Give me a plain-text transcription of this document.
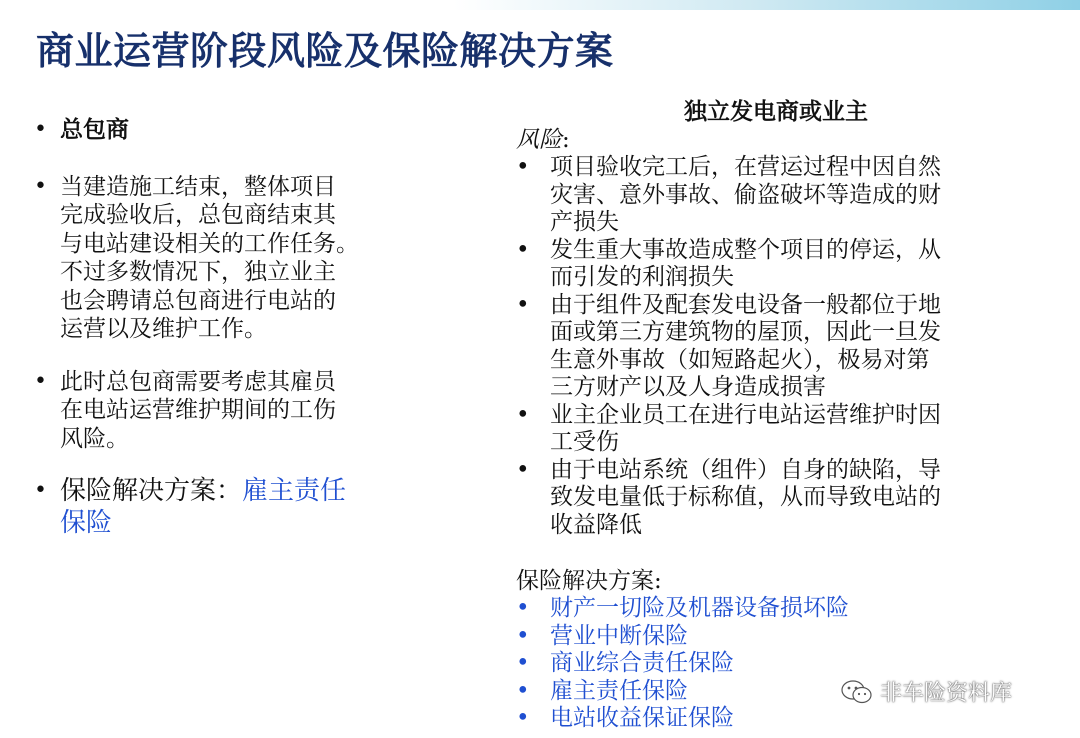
商业运营阶段风险及保险解决方案
• 总包商
• 当建造施工结束，整体项目
完成验收后，总包商结束其
与电站建设相关的工作任务。
不过多数情况下，独立业主
也会聘请总包商进行电站的
运营以及维护工作。
• 此时总包商需要考虑其雇员
在电站运营维护期间的工伤
风险。
• 保险解决方案：雇主责任
保险
独立发电商或业主
风险:
• 项目验收完工后，在营运过程中因自然
灾害、意外事故、偷盗破坏等造成的财
产损失
• 发生重大事故造成整个项目的停运，从
而引发的利润损失
• 由于组件及配套发电设备一般都位于地
面或第三方建筑物的屋顶，因此一旦发
生意外事故（如短路起火），极易对第
三方财产以及人身造成损害
• 业主企业员工在进行电站运营维护时因
工受伤
• 由于电站系统（组件）自身的缺陷，导
致发电量低于标称值，从而导致电站的
收益降低
保险解决方案:
• 财产一切险及机器设备损坏险
• 营业中断保险
• 商业综合责任保险
• 雇主责任保险
• 电站收益保证保险
非车险资料库
